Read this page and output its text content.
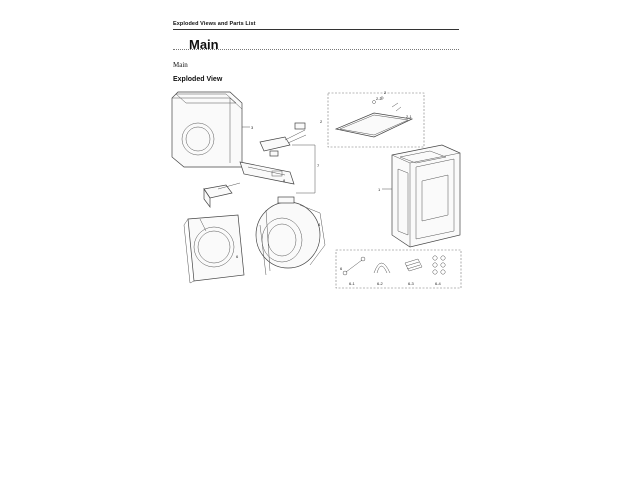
Exploded Views and Parts List
Main
Main
Exploded View
3
8
7
2
2-2
2-1
2
1
6
4
6
6-1	6-2	6-3	6-4
